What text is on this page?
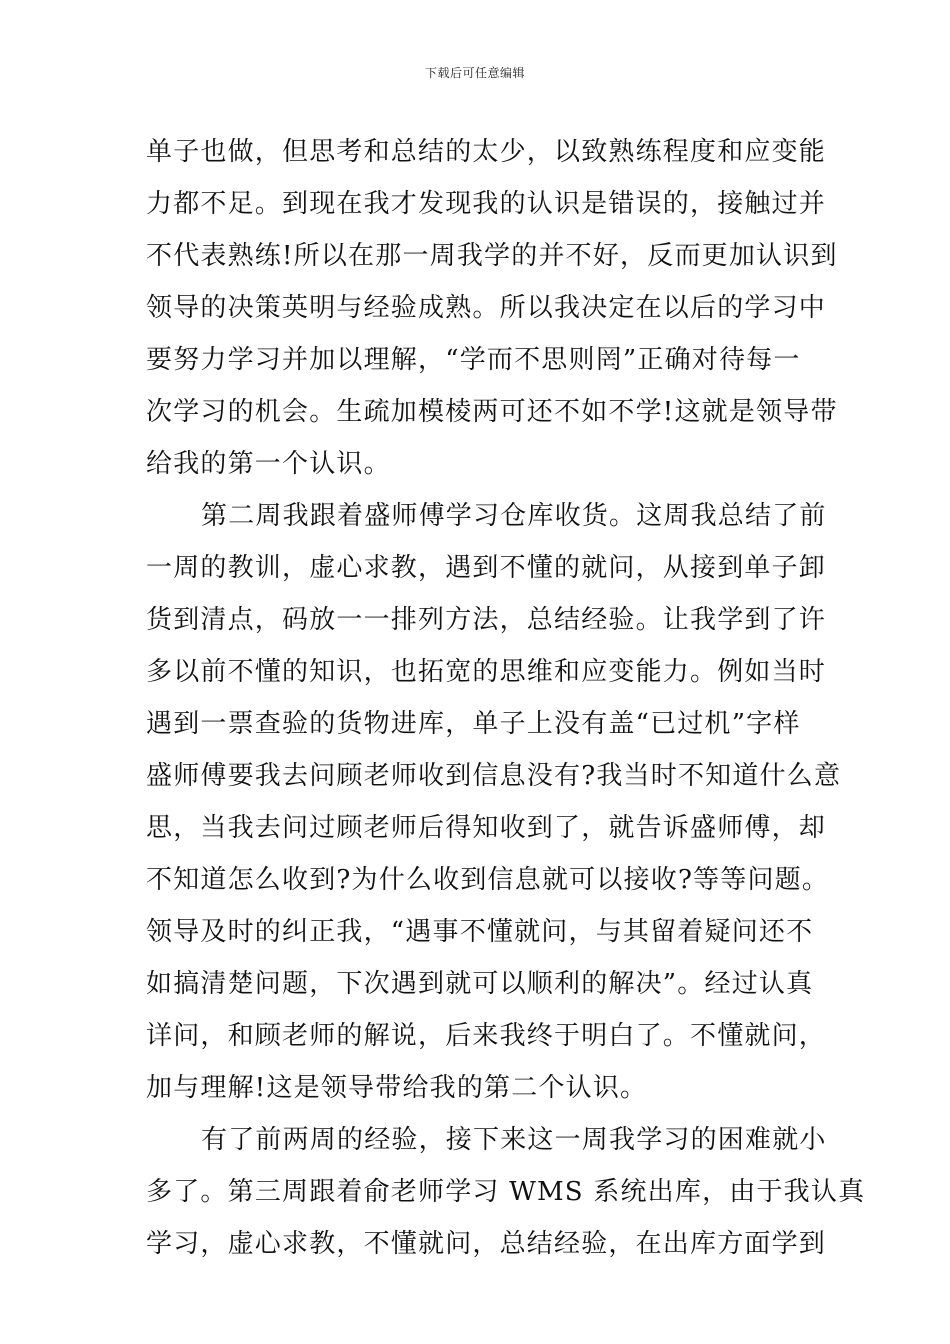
下载后可任意编辑
单子也做，但思考和总结的太少，以致熟练程度和应变能
力都不足。到现在我才发现我的认识是错误的，接触过并
不代表熟练!所以在那一周我学的并不好，反而更加认识到
领导的决策英明与经验成熟。所以我决定在以后的学习中
要努力学习并加以理解，“学而不思则罔”正确对待每一
次学习的机会。生疏加模棱两可还不如不学!这就是领导带
给我的第一个认识。
第二周我跟着盛师傅学习仓库收货。这周我总结了前
一周的教训，虚心求教，遇到不懂的就问，从接到单子卸
货到清点，码放一一排列方法，总结经验。让我学到了许
多以前不懂的知识，也拓宽的思维和应变能力。例如当时
遇到一票查验的货物进库，单子上没有盖“已过机”字样
盛师傅要我去问顾老师收到信息没有?我当时不知道什么意
思，当我去问过顾老师后得知收到了，就告诉盛师傅，却
不知道怎么收到?为什么收到信息就可以接收?等等问题。
领导及时的纠正我，“遇事不懂就问，与其留着疑问还不
如搞清楚问题，下次遇到就可以顺利的解决”。经过认真
详问，和顾老师的解说，后来我终于明白了。不懂就问，
加与理解!这是领导带给我的第二个认识。
有了前两周的经验，接下来这一周我学习的困难就小
多了。第三周跟着俞老师学习 WMS 系统出库，由于我认真
学习，虚心求教，不懂就问，总结经验，在出库方面学到
